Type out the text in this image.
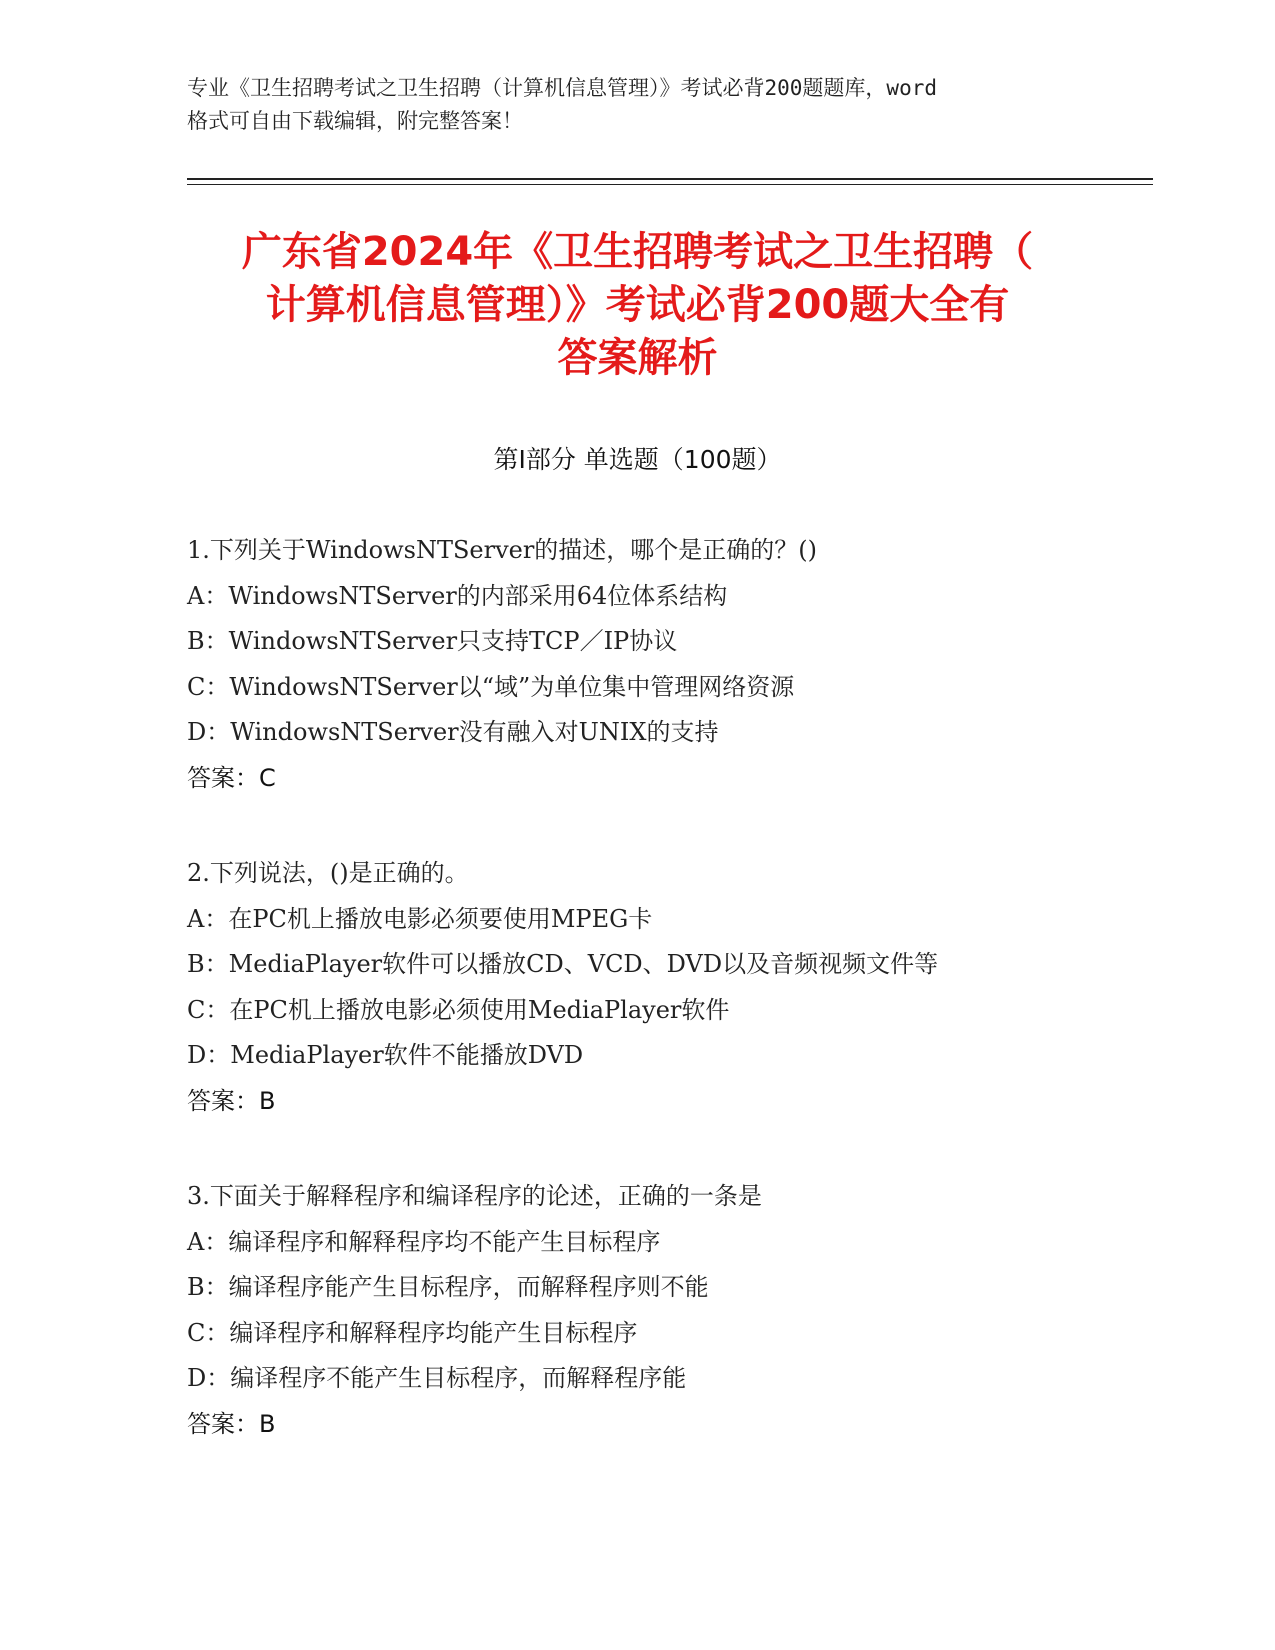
专业《卫生招聘考试之卫生招聘（计算机信息管理）》考试必背200题题库，word
格式可自由下载编辑，附完整答案！
广东省2024年《卫生招聘考试之卫生招聘（
计算机信息管理）》考试必背200题大全有
答案解析
第Ⅰ部分 单选题（100题）
1.下列关于WindowsNTServer的描述，哪个是正确的？()
A：WindowsNTServer的内部采用64位体系结构
B：WindowsNTServer只支持TCP／IP协议
C：WindowsNTServer以“域”为单位集中管理网络资源
D：WindowsNTServer没有融入对UNIX的支持
答案：C
2.下列说法，()是正确的。
A：在PC机上播放电影必须要使用MPEG卡
B：MediaPlayer软件可以播放CD、VCD、DVD以及音频视频文件等
C：在PC机上播放电影必须使用MediaPlayer软件
D：MediaPlayer软件不能播放DVD
答案：B
3.下面关于解释程序和编译程序的论述，正确的一条是
A：编译程序和解释程序均不能产生目标程序
B：编译程序能产生目标程序，而解释程序则不能
C：编译程序和解释程序均能产生目标程序
D：编译程序不能产生目标程序，而解释程序能
答案：B
